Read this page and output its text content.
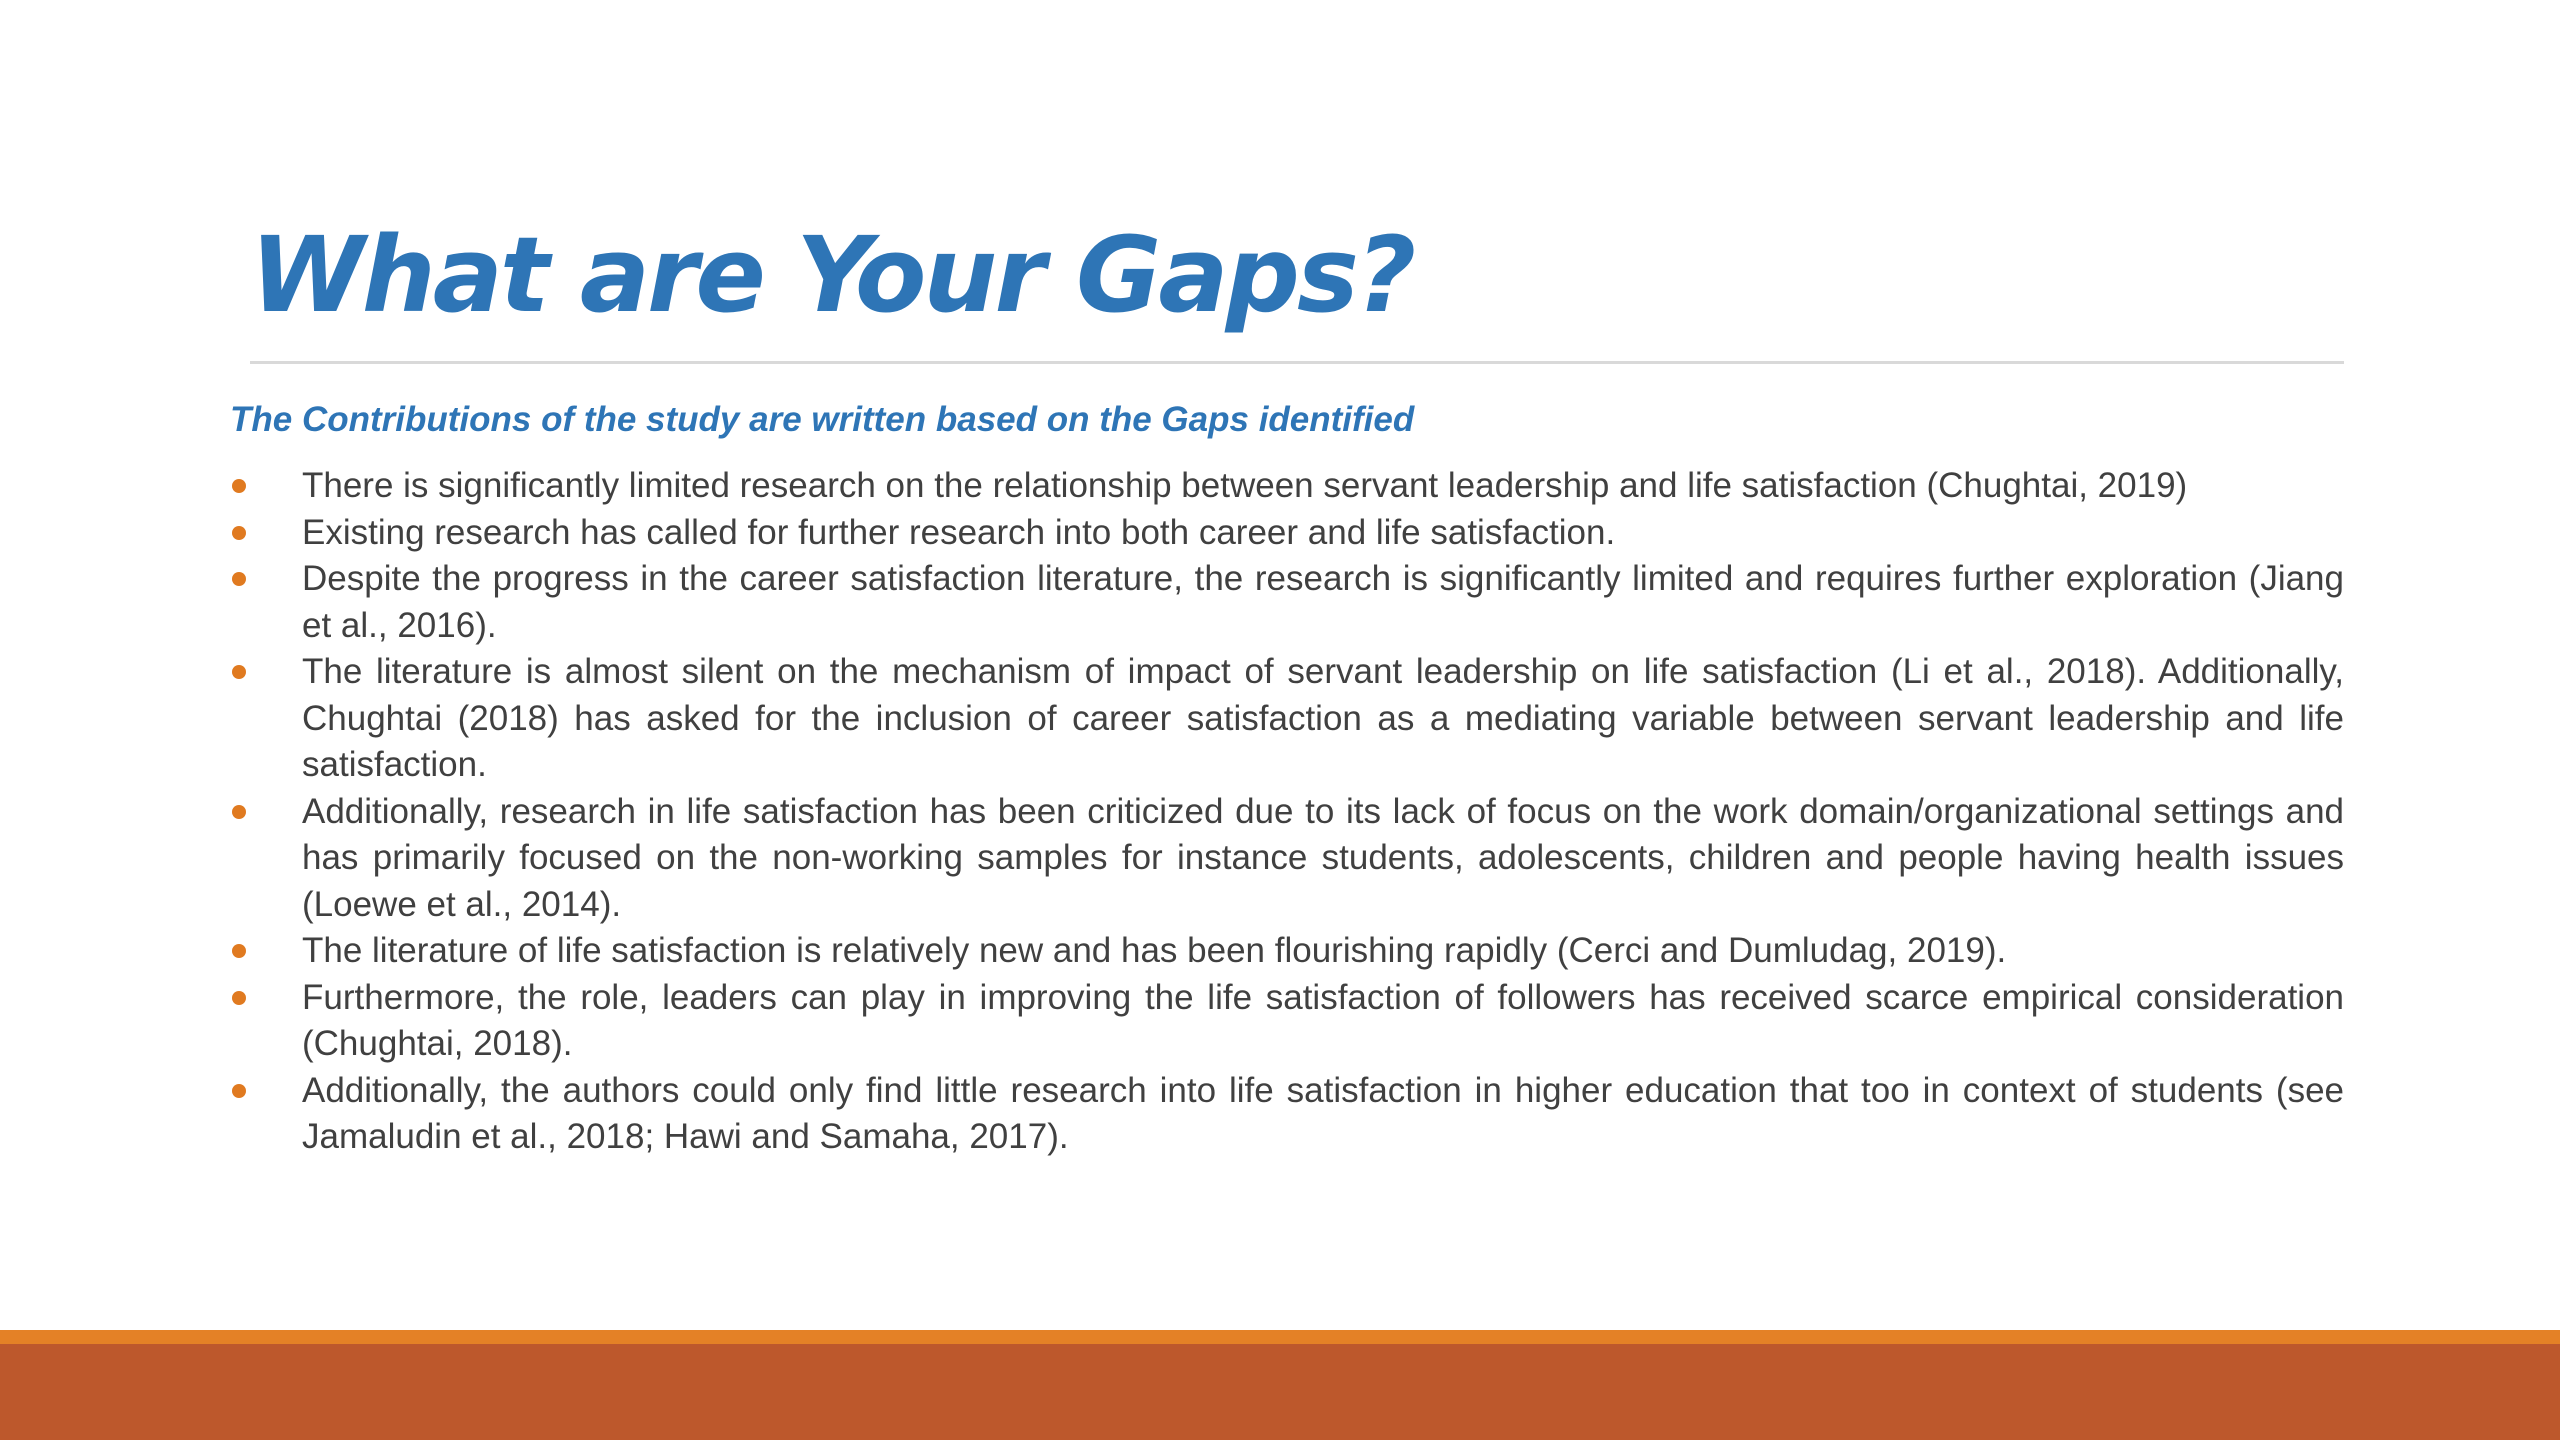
What are Your Gaps?

The Contributions of the study are written based on the Gaps identified

There is significantly limited research on the relationship between servant leadership and life satisfaction (Chughtai, 2019)
Existing research has called for further research into both career and life satisfaction.
Despite the progress in the career satisfaction literature, the research is significantly limited and requires further exploration (Jiang et al., 2016).
The literature is almost silent on the mechanism of impact of servant leadership on life satisfaction (Li et al., 2018). Additionally, Chughtai (2018) has asked for the inclusion of career satisfaction as a mediating variable between servant leadership and life satisfaction.
Additionally, research in life satisfaction has been criticized due to its lack of focus on the work domain/organizational settings and has primarily focused on the non-working samples for instance students, adolescents, children and people having health issues (Loewe et al., 2014).
The literature of life satisfaction is relatively new and has been flourishing rapidly (Cerci and Dumludag, 2019).
Furthermore, the role, leaders can play in improving the life satisfaction of followers has received scarce empirical consideration (Chughtai, 2018).
Additionally, the authors could only find little research into life satisfaction in higher education that too in context of students (see Jamaludin et al., 2018; Hawi and Samaha, 2017).
